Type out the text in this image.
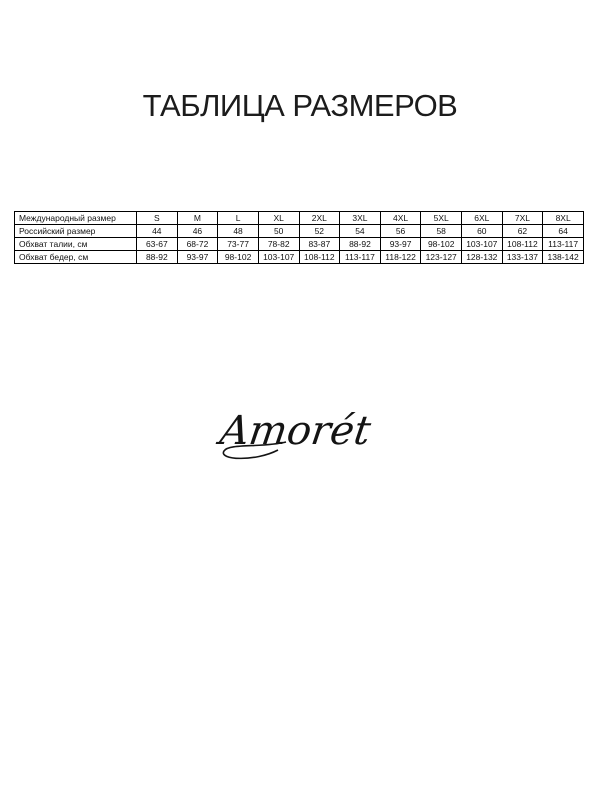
ТАБЛИЦА РАЗМЕРОВ
Международный размер	S	M	L	XL	2XL	3XL	4XL	5XL	6XL	7XL	8XL
Российский размер	44	46	48	50	52	54	56	58	60	62	64
Обхват талии, см	63-67	68-72	73-77	78-82	83-87	88-92	93-97	98-102	103-107	108-112	113-117
Обхват бедер, см	88-92	93-97	98-102	103-107	108-112	113-117	118-122	123-127	128-132	133-137	138-142
Amorét
